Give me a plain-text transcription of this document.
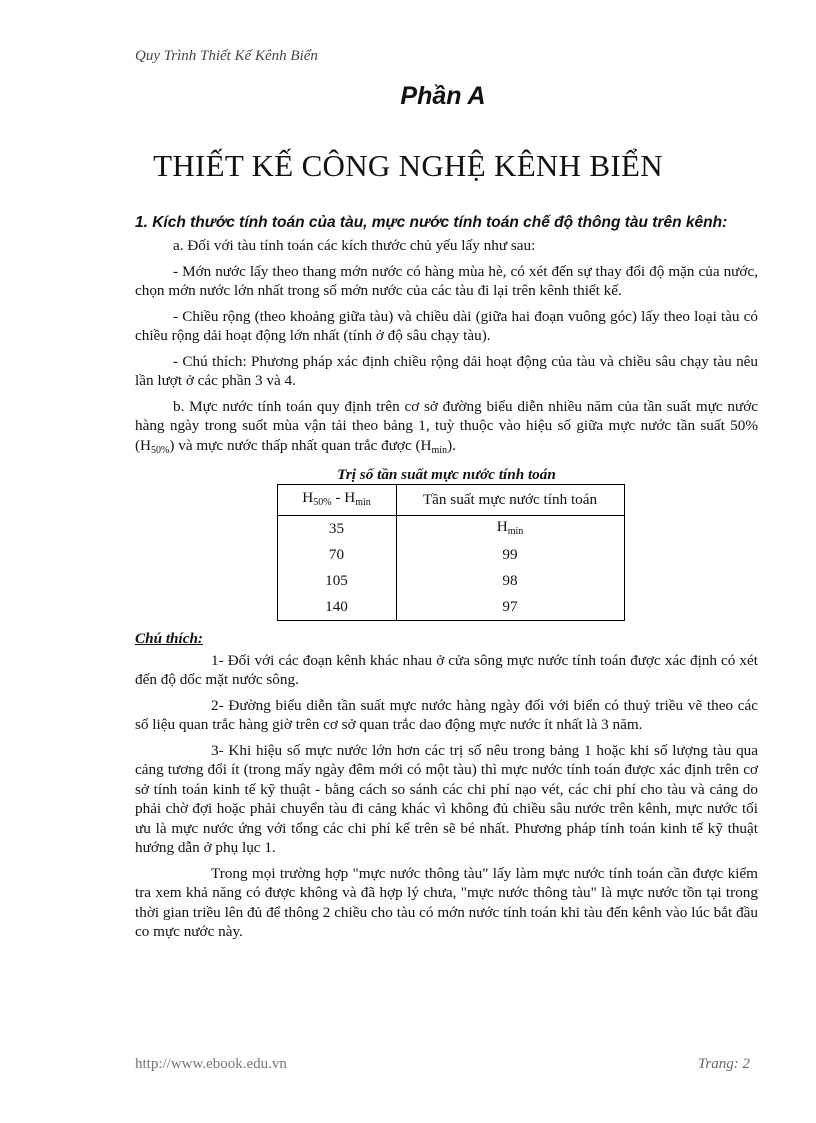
Quy Trình Thiết Kế Kênh Biển
Phần A
THIẾT KẾ CÔNG NGHỆ KÊNH BIỂN
1. Kích thước tính toán của tàu, mực nước tính toán chế độ thông tàu trên kênh:

a. Đối với tàu tính toán các kích thước chủ yếu lấy như sau:

- Mớn nước lấy theo thang mớn nước có hàng mùa hè, có xét đến sự thay đổi độ mặn của nước, chọn mớn nước lớn nhất trong số mớn nước của các tàu đi lại trên kênh thiết kế.

- Chiều rộng (theo khoảng giữa tàu) và chiều dài (giữa hai đoạn vuông góc) lấy theo loại tàu có chiều rộng dải hoạt động lớn nhất (tính ở độ sâu chạy tàu).

- Chú thích: Phương pháp xác định chiều rộng dải hoạt động của tàu và chiều sâu chạy tàu nêu lần lượt ở các phần 3 và 4.

b. Mực nước tính toán quy định trên cơ sở đường biểu diễn nhiều năm của tần suất mực nước hàng ngày trong suốt mùa vận tải theo bảng 1, tuỳ thuộc vào hiệu số giữa mực nước tần suất 50% $(H_{50\%})$ và mực nước thấp nhất quan trắc được $(H_{min})$.

Trị số tần suất mực nước tính toán
$H_{50\%} - H_{min}$	Tần suất mực nước tính toán
35	$H_{min}$
70	99
105	98
140	97
Chú thích:

1- Đối với các đoạn kênh khác nhau ở cửa sông mực nước tính toán được xác định có xét đến độ dốc mặt nước sông.

2- Đường biểu diễn tần suất mực nước hàng ngày đối với biển có thuỷ triều vẽ theo các số liệu quan trắc hàng giờ trên cơ sở quan trắc dao động mực nước ít nhất là 3 năm.

3- Khi hiệu số mực nước lớn hơn các trị số nêu trong bảng 1 hoặc khi số lượng tàu qua cảng tương đối ít (trong mấy ngày đêm mới có một tàu) thì mực nước tính toán được xác định trên cơ sở tính toán kinh tế kỹ thuật - bằng cách so sánh các chi phí nạo vét, các chi phí cho tàu và cảng do phải chờ đợi hoặc phải chuyển tàu đi cảng khác vì không đủ chiều sâu nước trên kênh, mực nước tối ưu là mực nước ứng với tổng các chi phí kể trên sẽ bé nhất. Phương pháp tính toán kinh tế kỹ thuật hướng dẫn ở phụ lục 1.

Trong mọi trường hợp "mực nước thông tàu" lấy làm mực nước tính toán cần được kiểm tra xem khả năng có được không và đã hợp lý chưa, "mực nước thông tàu" là mực nước tồn tại trong thời gian triều lên đủ để thông 2 chiều cho tàu có mớn nước tính toán khi tàu đến kênh vào lúc bắt đầu co mực nước này.

http://www.ebook.edu.vn	Trang: 2
